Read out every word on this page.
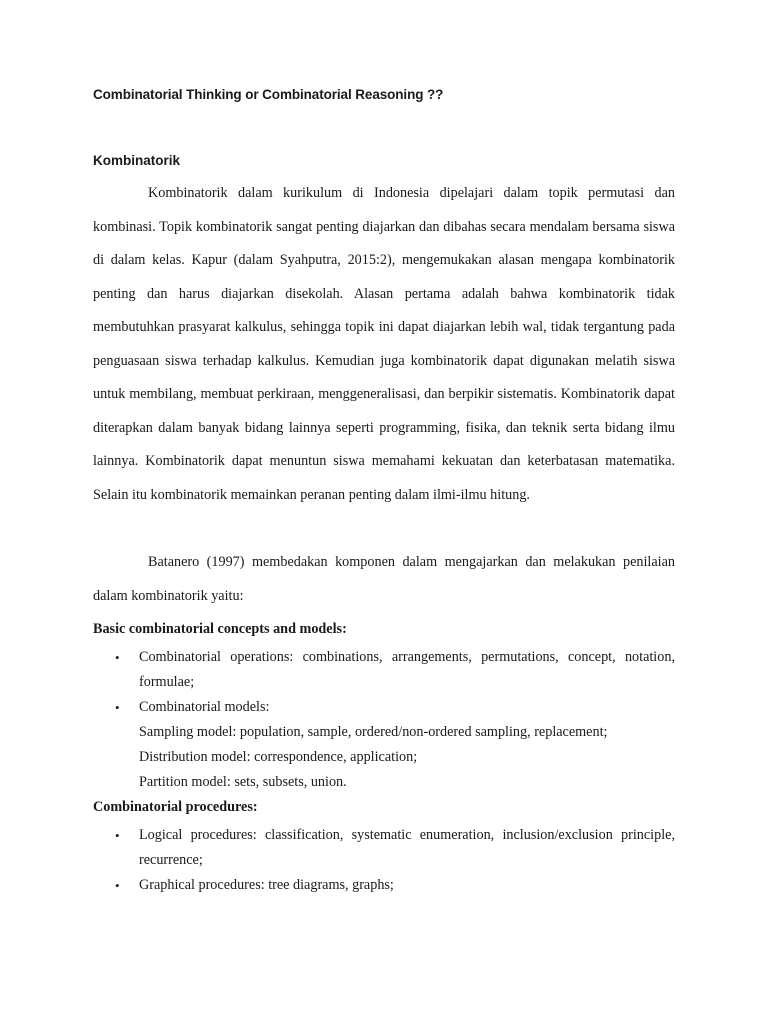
Combinatorial Thinking or Combinatorial Reasoning ??
Kombinatorik
Kombinatorik dalam kurikulum di Indonesia dipelajari dalam topik permutasi dan kombinasi. Topik kombinatorik sangat penting diajarkan dan dibahas secara mendalam bersama siswa di dalam kelas. Kapur (dalam Syahputra, 2015:2), mengemukakan alasan mengapa kombinatorik penting dan harus diajarkan disekolah. Alasan pertama adalah bahwa kombinatorik tidak membutuhkan prasyarat kalkulus, sehingga topik ini dapat diajarkan lebih wal, tidak tergantung pada penguasaan siswa terhadap kalkulus. Kemudian juga kombinatorik dapat digunakan melatih siswa untuk membilang, membuat perkiraan, menggeneralisasi, dan berpikir sistematis. Kombinatorik dapat diterapkan dalam banyak bidang lainnya seperti programming, fisika, dan teknik serta bidang ilmu lainnya. Kombinatorik dapat menuntun siswa memahami kekuatan dan keterbatasan matematika. Selain itu kombinatorik memainkan peranan penting dalam ilmi-ilmu hitung.
Batanero (1997) membedakan komponen dalam mengajarkan dan melakukan penilaian dalam kombinatorik yaitu:
Basic combinatorial concepts and models:
• Combinatorial operations: combinations, arrangements, permutations, concept, notation, formulae;
• Combinatorial models:
Sampling model: population, sample, ordered/non-ordered sampling, replacement;
Distribution model: correspondence, application;
Partition model: sets, subsets, union.
Combinatorial procedures:
• Logical procedures: classification, systematic enumeration, inclusion/exclusion principle, recurrence;
• Graphical procedures: tree diagrams, graphs;
